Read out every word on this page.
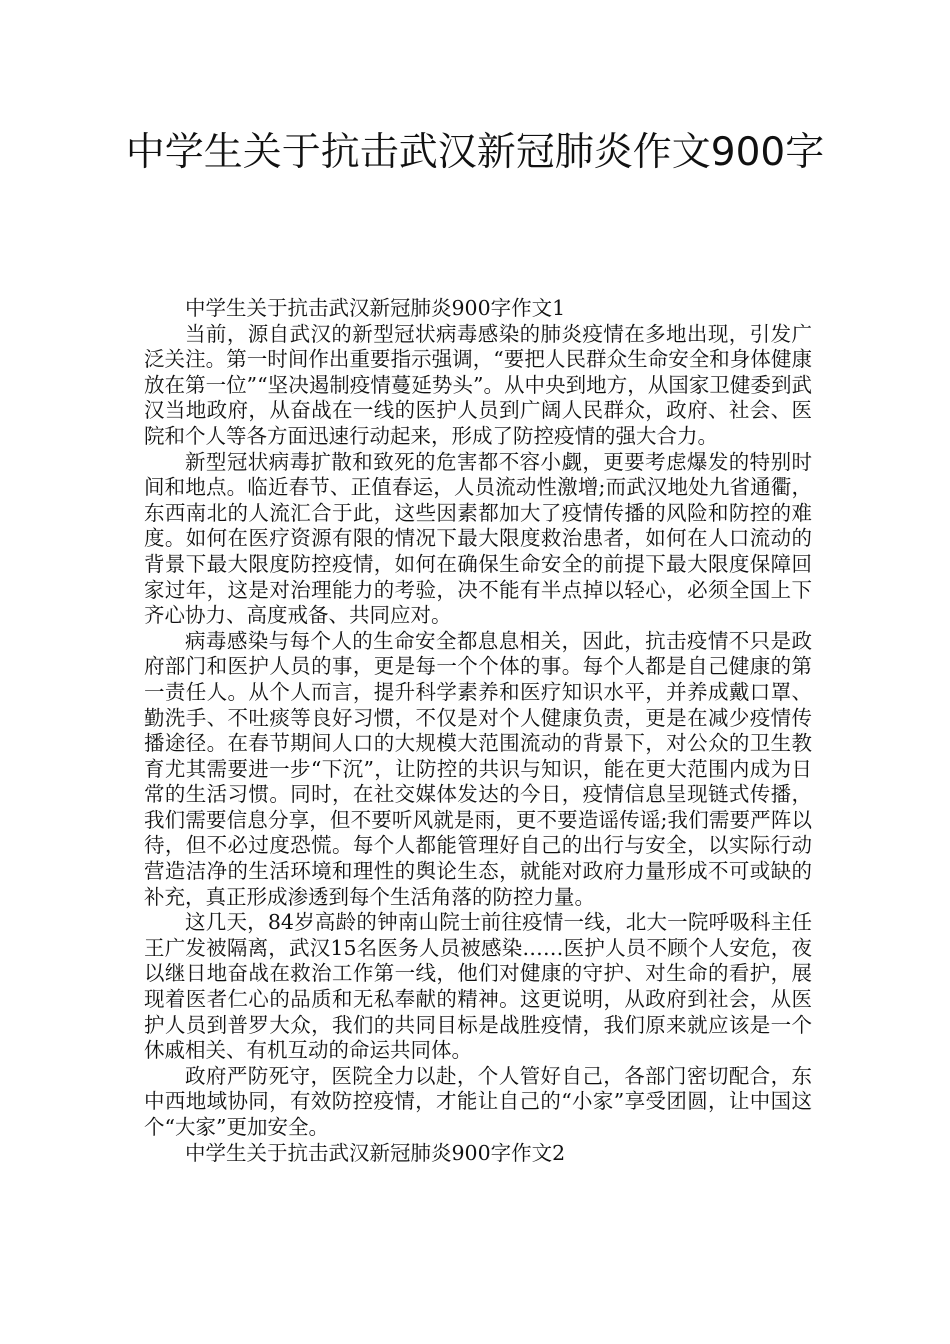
中学生关于抗击武汉新冠肺炎作文900字

中学生关于抗击武汉新冠肺炎900字作文1

当前，源自武汉的新型冠状病毒感染的肺炎疫情在多地出现，引发广泛关注。第一时间作出重要指示强调，“要把人民群众生命安全和身体健康放在第一位”“坚决遏制疫情蔓延势头”。从中央到地方，从国家卫健委到武汉当地政府，从奋战在一线的医护人员到广阔人民群众，政府、社会、医院和个人等各方面迅速行动起来，形成了防控疫情的强大合力。

新型冠状病毒扩散和致死的危害都不容小觑，更要考虑爆发的特别时间和地点。临近春节、正值春运，人员流动性激增;而武汉地处九省通衢，东西南北的人流汇合于此，这些因素都加大了疫情传播的风险和防控的难度。如何在医疗资源有限的情况下最大限度救治患者，如何在人口流动的背景下最大限度防控疫情，如何在确保生命安全的前提下最大限度保障回家过年，这是对治理能力的考验，决不能有半点掉以轻心，必须全国上下齐心协力、高度戒备、共同应对。

病毒感染与每个人的生命安全都息息相关，因此，抗击疫情不只是政府部门和医护人员的事，更是每一个个体的事。每个人都是自己健康的第一责任人。从个人而言，提升科学素养和医疗知识水平，并养成戴口罩、勤洗手、不吐痰等良好习惯，不仅是对个人健康负责，更是在减少疫情传播途径。在春节期间人口的大规模大范围流动的背景下，对公众的卫生教育尤其需要进一步“下沉”，让防控的共识与知识，能在更大范围内成为日常的生活习惯。同时，在社交媒体发达的今日，疫情信息呈现链式传播，我们需要信息分享，但不要听风就是雨，更不要造谣传谣;我们需要严阵以待，但不必过度恐慌。每个人都能管理好自己的出行与安全，以实际行动营造洁净的生活环境和理性的舆论生态，就能对政府力量形成不可或缺的补充，真正形成渗透到每个生活角落的防控力量。

这几天，84岁高龄的钟南山院士前往疫情一线，北大一院呼吸科主任王广发被隔离，武汉15名医务人员被感染……医护人员不顾个人安危，夜以继日地奋战在救治工作第一线，他们对健康的守护、对生命的看护，展现着医者仁心的品质和无私奉献的精神。这更说明，从政府到社会，从医护人员到普罗大众，我们的共同目标是战胜疫情，我们原来就应该是一个休戚相关、有机互动的命运共同体。

政府严防死守，医院全力以赴，个人管好自己，各部门密切配合，东中西地域协同，有效防控疫情，才能让自己的“小家”享受团圆，让中国这个“大家”更加安全。

中学生关于抗击武汉新冠肺炎900字作文2
